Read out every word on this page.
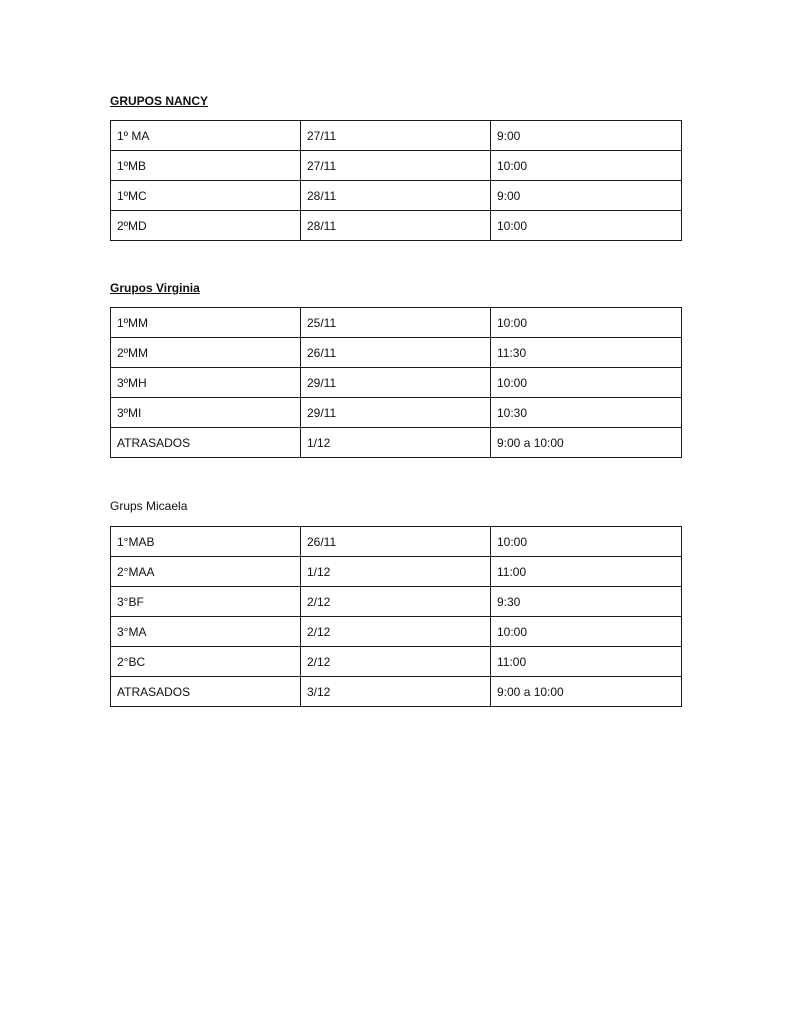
GRUPOS NANCY

1º MA	27/11	9:00
1ºMB	27/11	10:00
1ºMC	28/11	9:00
2ºMD	28/11	10:00

Grupos Virginia

1ºMM	25/11	10:00
2ºMM	26/11	11:30
3ºMH	29/11	10:00
3ºMI	29/11	10:30
ATRASADOS	1/12	9:00 a 10:00

Grups Micaela

1°MAB	26/11	10:00
2°MAA	1/12	11:00
3°BF	2/12	9:30
3°MA	2/12	10:00
2°BC	2/12	11:00
ATRASADOS	3/12	9:00 a 10:00
